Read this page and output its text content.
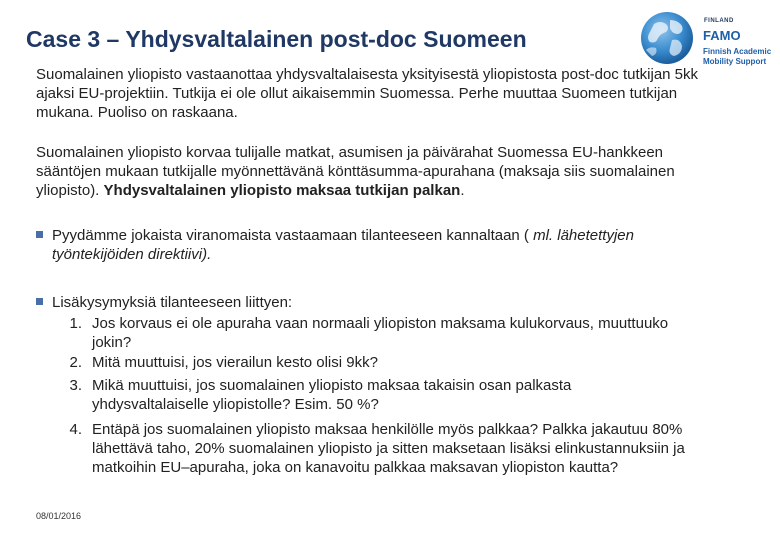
Case 3 – Yhdysvaltalainen post-doc Suomeen
FINLAND
FAMO
Finnish Academic
Mobility Support
Suomalainen yliopisto vastaanottaa yhdysvaltalaisesta yksityisestä yliopistosta post-doc tutkijan 5kk ajaksi EU-projektiin. Tutkija ei ole ollut aikaisemmin Suomessa. Perhe muuttaa Suomeen tutkijan mukana. Puoliso on raskaana.
Suomalainen yliopisto korvaa tulijalle matkat, asumisen ja päivärahat Suomessa EU-hankkeen sääntöjen mukaan tutkijalle myönnettävänä könttäsumma-apurahana (maksaja siis suomalainen yliopisto). Yhdysvaltalainen yliopisto maksaa tutkijan palkan.
Pyydämme jokaista viranomaista vastaamaan tilanteeseen kannaltaan ( ml. lähetettyjen työntekijöiden direktiivi).
Lisäkysymyksiä tilanteeseen liittyen:
1. Jos korvaus ei ole apuraha vaan normaali yliopiston maksama kulukorvaus, muuttuuko jokin?
2. Mitä muuttuisi, jos vierailun kesto olisi 9kk?
3. Mikä muuttuisi, jos suomalainen yliopisto maksaa takaisin osan palkasta yhdysvaltalaiselle yliopistolle? Esim. 50 %?
4. Entäpä jos suomalainen yliopisto maksaa henkilölle myös palkkaa? Palkka jakautuu 80% lähettävä taho, 20% suomalainen yliopisto ja sitten maksetaan lisäksi elinkustannuksiin ja matkoihin EU–apuraha, joka on kanavoitu palkkaa maksavan yliopiston kautta?
08/01/2016
